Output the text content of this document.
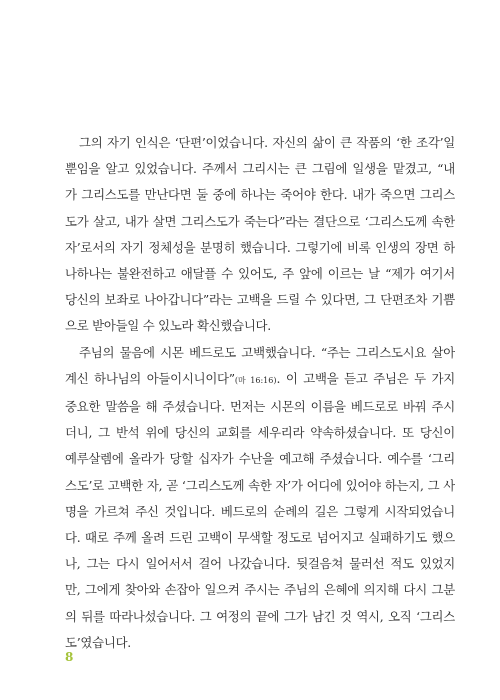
그의 자기 인식은 ‘단편’이었습니다. 자신의 삶이 큰 작품의 ‘한 조각’일
뿐임을 알고 있었습니다. 주께서 그리시는 큰 그림에 일생을 맡겼고, “내
가 그리스도를 만난다면 둘 중에 하나는 죽어야 한다. 내가 죽으면 그리스
도가 살고, 내가 살면 그리스도가 죽는다”라는 결단으로 ‘그리스도께 속한
자’로서의 자기 정체성을 분명히 했습니다. 그렇기에 비록 인생의 장면 하
나하나는 불완전하고 애달플 수 있어도, 주 앞에 이르는 날 “제가 여기서
당신의 보좌로 나아갑니다”라는 고백을 드릴 수 있다면, 그 단편조차 기쁨
으로 받아들일 수 있노라 확신했습니다.
주님의 물음에 시몬 베드로도 고백했습니다. “주는 그리스도시요 살아
계신 하나님의 아들이시니이다”(마 16:16). 이 고백을 듣고 주님은 두 가지
중요한 말씀을 해 주셨습니다. 먼저는 시몬의 이름을 베드로로 바꿔 주시
더니, 그 반석 위에 당신의 교회를 세우리라 약속하셨습니다. 또 당신이
예루살렘에 올라가 당할 십자가 수난을 예고해 주셨습니다. 예수를 ‘그리
스도’로 고백한 자, 곧 ‘그리스도께 속한 자’가 어디에 있어야 하는지, 그 사
명을 가르쳐 주신 것입니다. 베드로의 순례의 길은 그렇게 시작되었습니
다. 때로 주께 올려 드린 고백이 무색할 정도로 넘어지고 실패하기도 했으
나, 그는 다시 일어서서 걸어 나갔습니다. 뒷걸음쳐 물러선 적도 있었지
만, 그에게 찾아와 손잡아 일으켜 주시는 주님의 은혜에 의지해 다시 그분
의 뒤를 따라나섰습니다. 그 여정의 끝에 그가 남긴 것 역시, 오직 ‘그리스
도’였습니다.
8
